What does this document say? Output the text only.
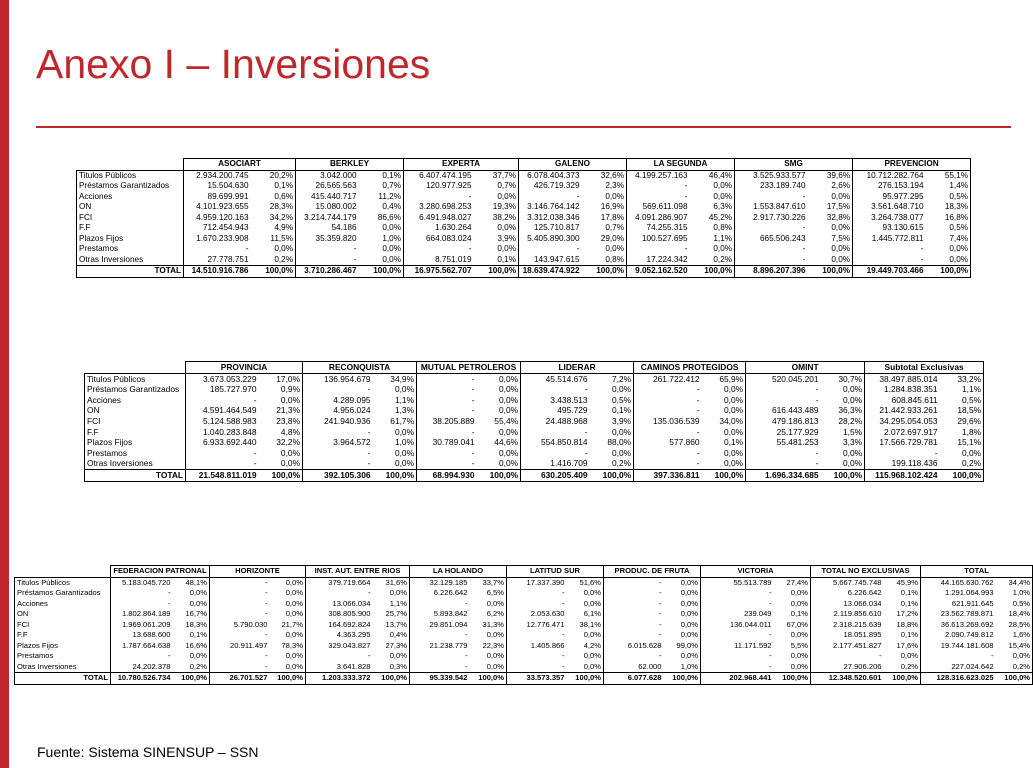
Anexo I – Inversiones
	ASOCIART		BERKLEY		EXPERTA		GALENO		LA SEGUNDA		SMG		PREVENCION	
Titulos Públicos	2.934.200.745	20,2%	3.042.000	0,1%	6.407.474.195	37,7%	6.078.404.373	32,6%	4.199.257.163	46,4%	3.525.933.577	39,6%	10.712.282.764	55,1%
Préstamos Garantizados	15.504.630	0,1%	26.565.563	0,7%	120.977.925	0,7%	426.719.329	2,3%	-	0,0%	233.189.740	2,6%	276.153.194	1,4%
Acciones	89.699.991	0,6%	415.440.717	11,2%	-	0,0%	-	0,0%	-	0,0%	-	0,0%	95.977.295	0,5%
ON	4.101.923.655	28,3%	15.080.002	0,4%	3.280.698.253	19,3%	3.146.764.142	16,9%	569.611.098	6,3%	1.553.847.610	17,5%	3.561.648.710	18,3%
FCI	4.959.120.163	34,2%	3.214.744.179	86,6%	6.491.948.027	38,2%	3.312.038.346	17,8%	4.091.286.907	45,2%	2.917.730.226	32,8%	3.264.738.077	16,8%
F.F	712.454.943	4,9%	54.186	0,0%	1.630.264	0,0%	125.710.817	0,7%	74.255.315	0,8%	-	0,0%	93.130.615	0,5%
Plazos Fijos	1.670.233.908	11,5%	35.359.820	1,0%	664.083.024	3,9%	5.405.890.300	29,0%	100.527.695	1,1%	665.506.243	7,5%	1.445.772.811	7,4%
Prestamos	-	0,0%	-	0,0%	-	0,0%	-	0,0%	-	0,0%	-	0,0%	-	0,0%
Otras Inversiones	27.778.751	0,2%	-	0,0%	8.751.019	0,1%	143.947.615	0,8%	17.224.342	0,2%	-	0,0%	-	0,0%
TOTAL	14.510.916.786	100,0%	3.710.286.467	100,0%	16.975.562.707	100,0%	18.639.474.922	100,0%	9.052.162.520	100,0%	8.896.207.396	100,0%	19.449.703.466	100,0%
	PROVINCIA		RECONQUISTA		MUTUAL PETROLEROS		LIDERAR		CAMINOS PROTEGIDOS		OMINT		Subtotal Exclusivas	
Titulos Públicos	3.673.053.229	17,0%	136.954.679	34,9%	-	0,0%	45.514.676	7,2%	261.722.412	65,9%	520.045.201	30,7%	38.497.885.014	33,2%
Préstamos Garantizados	185.727.970	0,9%	-	0,0%	-	0,0%	-	0,0%	-	0,0%	-	0,0%	1.284.838.351	1,1%
Acciones	-	0,0%	4.289.095	1,1%	-	0,0%	3.438.513	0,5%	-	0,0%	-	0,0%	608.845.611	0,5%
ON	4.591.464.549	21,3%	4.956.024	1,3%	-	0,0%	495.729	0,1%	-	0,0%	616.443.489	36,3%	21.442.933.261	18,5%
FCI	5.124.588.983	23,8%	241.940.936	61,7%	38.205.889	55,4%	24.488.968	3,9%	135.036.539	34,0%	479.186.813	28,2%	34.295.054.053	29,6%
F.F	1.040.283.848	4,8%	-	0,0%	-	0,0%	-	0,0%	-	0,0%	25.177.929	1,5%	2.072.697.917	1,8%
Plazos Fijos	6.933.692.440	32,2%	3.964.572	1,0%	30.789.041	44,6%	554.850.814	88,0%	577.860	0,1%	55.481.253	3,3%	17.566.729.781	15,1%
Prestamos	-	0,0%	-	0,0%	-	0,0%	-	0,0%	-	0,0%	-	0,0%	-	0,0%
Otras Inversiones	-	0,0%	-	0,0%	-	0,0%	1.416.709	0,2%	-	0,0%	-	0,0%	199.118.436	0,2%
TOTAL	21.548.811.019	100,0%	392.105.306	100,0%	68.994.930	100,0%	630.205.409	100,0%	397.336.811	100,0%	1.696.334.685	100,0%	115.968.102.424	100,0%
	FEDERACION PATRONAL		HORIZONTE		INST. AUT. ENTRE RIOS		LA HOLANDO		LATITUD SUR		PRODUC. DE FRUTA		VICTORIA		TOTAL NO EXCLUSIVAS		TOTAL	
Titulos Públicos	5.183.045.720	48,1%	-	0,0%	379.719.664	31,6%	32.129.185	33,7%	17.337.390	51,6%	-	0,0%	55.513.789	27,4%	5.667.745.748	45,9%	44.165.630.762	34,4%
Préstamos Garantizados	-	0,0%	-	0,0%	-	0,0%	6.226.642	6,5%	-	0,0%	-	0,0%	-	0,0%	6.226.642	0,1%	1.291.064.993	1,0%
Acciones	-	0,0%	-	0,0%	13.066.034	1,1%	-	0,0%	-	0,0%	-	0,0%	-	0,0%	13.066.034	0,1%	621.911.645	0,5%
ON	1.802.864.189	16,7%	-	0,0%	308.805.900	25,7%	5.893.842	6,2%	2.053.630	6,1%	-	0,0%	239.049	0,1%	2.119.856.610	17,2%	23.562.789.871	18,4%
FCI	1.969.061.209	18,3%	5.790.030	21,7%	164.692.824	13,7%	29.851.094	31,3%	12.776.471	38,1%	-	0,0%	136.044.011	67,0%	2.318.215.639	18,8%	36.613.269.692	28,5%
F.F	13.688.600	0,1%	-	0,0%	4.363.295	0,4%	-	0,0%	-	0,0%	-	0,0%	-	0,0%	18.051.895	0,1%	2.090.749.812	1,6%
Plazos Fijos	1.787.664.638	16,6%	20.911.497	78,3%	329.043.827	27,3%	21.238.779	22,3%	1.405.866	4,2%	6.015.628	99,0%	11.171.592	5,5%	2.177.451.827	17,6%	19.744.181.608	15,4%
Prestamos	-	0,0%	-	0,0%	-	0,0%	-	0,0%	-	0,0%	-	0,0%	-	0,0%	-	0,0%	-	0,0%
Otras Inversiones	24.202.378	0,2%	-	0,0%	3.641.828	0,3%	-	0,0%	-	0,0%	62.000	1,0%	-	0,0%	27.906.206	0,2%	227.024.642	0,2%
TOTAL	10.780.526.734	100,0%	26.701.527	100,0%	1.203.333.372	100,0%	95.339.542	100,0%	33.573.357	100,0%	6.077.628	100,0%	202.968.441	100,0%	12.348.520.601	100,0%	128.316.623.025	100,0%
Fuente: Sistema SINENSUP – SSN
